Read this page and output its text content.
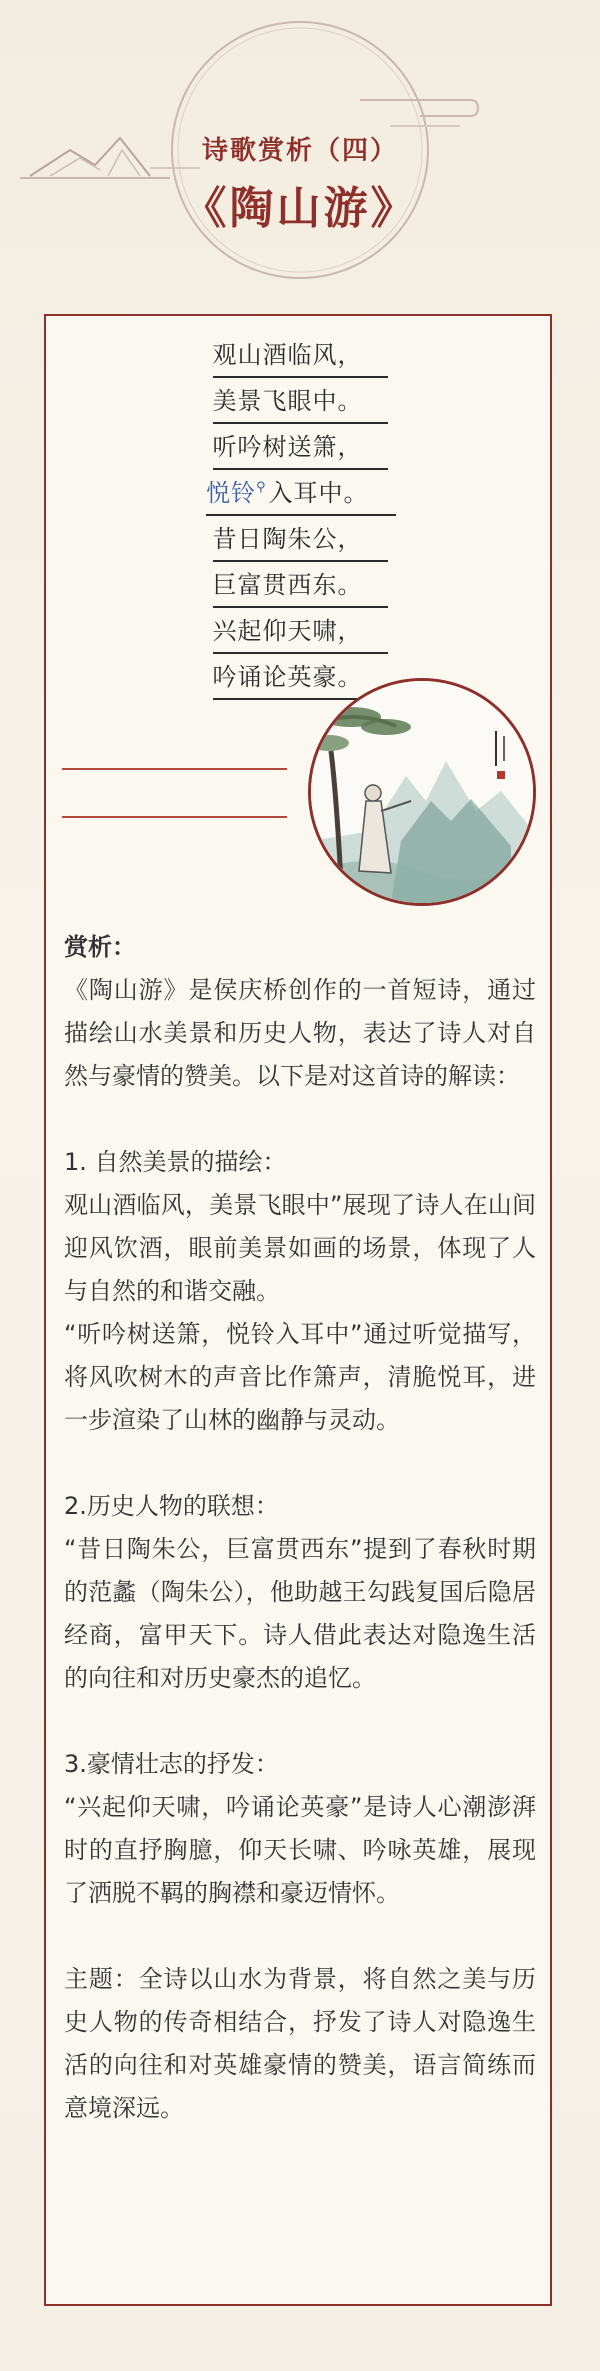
诗歌赏析（四）
《陶山游》
观山酒临风，
美景飞眼中。
听吟树送箫，
悦铃⚲入耳中。
昔日陶朱公，
巨富贯西东。
兴起仰天啸，
吟诵论英豪。

赏析：

《陶山游》是侯庆桥创作的一首短诗，通过描绘山水美景和历史人物，表达了诗人对自然与豪情的赞美。以下是对这首诗的解读：

1. 自然美景的描绘：

观山酒临风，美景飞眼中”展现了诗人在山间迎风饮酒，眼前美景如画的场景，体现了人与自然的和谐交融。

“听吟树送箫，悦铃入耳中”通过听觉描写，将风吹树木的声音比作箫声，清脆悦耳，进一步渲染了山林的幽静与灵动。

2.历史人物的联想：

“昔日陶朱公，巨富贯西东”提到了春秋时期的范蠡（陶朱公），他助越王勾践复国后隐居经商，富甲天下。诗人借此表达对隐逸生活的向往和对历史豪杰的追忆。

3.豪情壮志的抒发：

“兴起仰天啸，吟诵论英豪”是诗人心潮澎湃时的直抒胸臆，仰天长啸、吟咏英雄，展现了洒脱不羁的胸襟和豪迈情怀。

主题：全诗以山水为背景，将自然之美与历史人物的传奇相结合，抒发了诗人对隐逸生活的向往和对英雄豪情的赞美，语言简练而意境深远。
